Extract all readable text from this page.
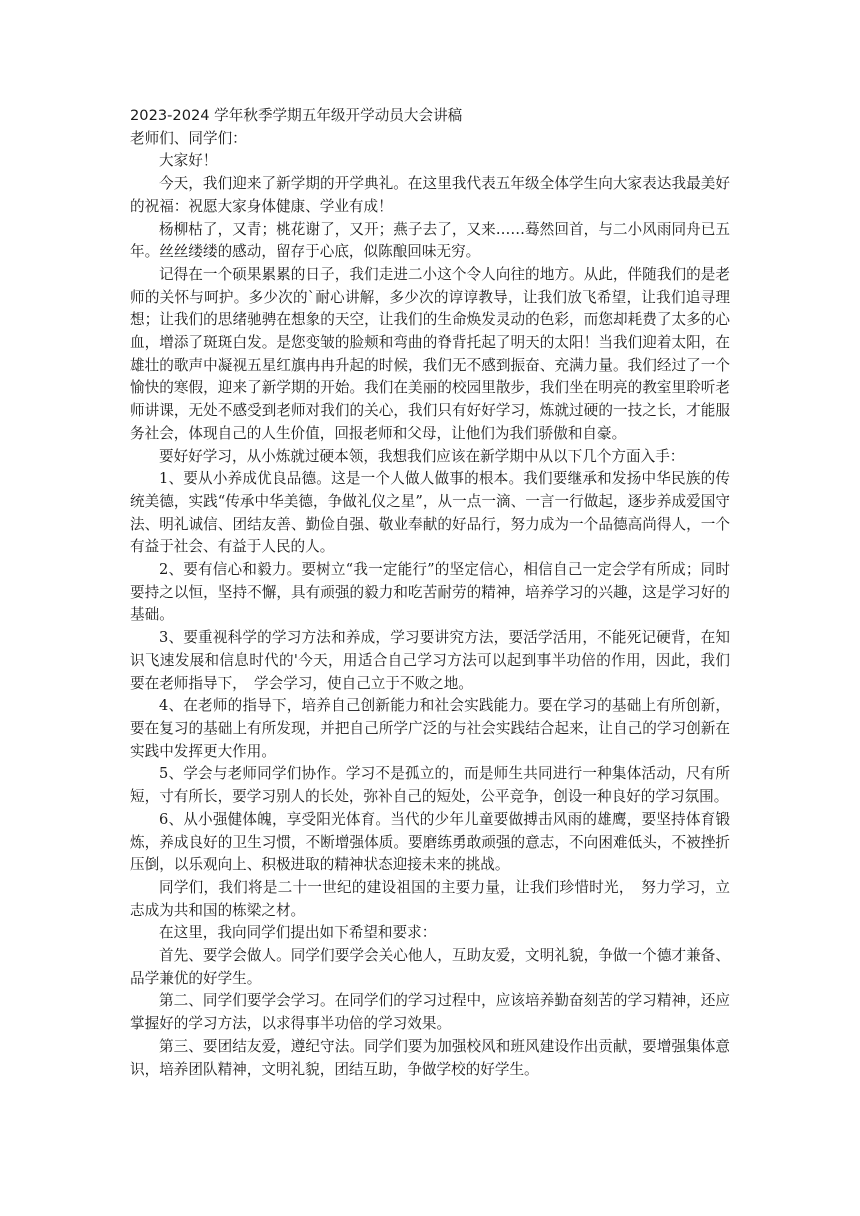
2023-2024 学年秋季学期五年级开学动员大会讲稿

老师们、同学们：

大家好！

今天，我们迎来了新学期的开学典礼。在这里我代表五年级全体学生向大家表达我最美好的祝福：祝愿大家身体健康、学业有成！

杨柳枯了，又青；桃花谢了，又开；燕子去了，又来……蓦然回首，与二小风雨同舟已五年。丝丝缕缕的感动，留存于心底，似陈酿回味无穷。

记得在一个硕果累累的日子，我们走进二小这个令人向往的地方。从此，伴随我们的是老师的关怀与呵护。多少次的`耐心讲解，多少次的谆谆教导，让我们放飞希望，让我们追寻理想；让我们的思绪驰骋在想象的天空，让我们的生命焕发灵动的色彩，而您却耗费了太多的心血，增添了斑斑白发。是您变皱的脸颊和弯曲的脊背托起了明天的太阳！当我们迎着太阳，在雄壮的歌声中凝视五星红旗冉冉升起的时候，我们无不感到振奋、充满力量。我们经过了一个愉快的寒假，迎来了新学期的开始。我们在美丽的校园里散步，我们坐在明亮的教室里聆听老师讲课，无处不感受到老师对我们的关心，我们只有好好学习，炼就过硬的一技之长，才能服务社会，体现自己的人生价值，回报老师和父母，让他们为我们骄傲和自豪。

要好好学习，从小炼就过硬本领，我想我们应该在新学期中从以下几个方面入手：

1、要从小养成优良品德。这是一个人做人做事的根本。我们要继承和发扬中华民族的传统美德，实践“传承中华美德，争做礼仪之星”，从一点一滴、一言一行做起，逐步养成爱国守法、明礼诚信、团结友善、勤俭自强、敬业奉献的好品行，努力成为一个品德高尚得人，一个有益于社会、有益于人民的人。

2、要有信心和毅力。要树立“我一定能行”的坚定信心，相信自己一定会学有所成；同时要持之以恒，坚持不懈，具有顽强的毅力和吃苦耐劳的精神，培养学习的兴趣，这是学习好的基础。

3、要重视科学的学习方法和养成，学习要讲究方法，要活学活用，不能死记硬背，在知识飞速发展和信息时代的'今天，用适合自己学习方法可以起到事半功倍的作用，因此，我们要在老师指导下，　学会学习，使自己立于不败之地。

4、在老师的指导下，培养自己创新能力和社会实践能力。要在学习的基础上有所创新，要在复习的基础上有所发现，并把自己所学广泛的与社会实践结合起来，让自己的学习创新在实践中发挥更大作用。

5、学会与老师同学们协作。学习不是孤立的，而是师生共同进行一种集体活动，尺有所短，寸有所长，要学习别人的长处，弥补自己的短处，公平竞争，创设一种良好的学习氛围。

6、从小强健体魄，享受阳光体育。当代的少年儿童要做搏击风雨的雄鹰，要坚持体育锻炼，养成良好的卫生习惯，不断增强体质。要磨练勇敢顽强的意志，不向困难低头，不被挫折压倒，以乐观向上、积极进取的精神状态迎接未来的挑战。

同学们，我们将是二十一世纪的建设祖国的主要力量，让我们珍惜时光，　努力学习，立志成为共和国的栋梁之材。

在这里，我向同学们提出如下希望和要求：

首先、要学会做人。同学们要学会关心他人，互助友爱，文明礼貌，争做一个德才兼备、品学兼优的好学生。

第二、同学们要学会学习。在同学们的学习过程中，应该培养勤奋刻苦的学习精神，还应掌握好的学习方法，以求得事半功倍的学习效果。

第三、要团结友爱，遵纪守法。同学们要为加强校风和班风建设作出贡献，要增强集体意识，培养团队精神，文明礼貌，团结互助，争做学校的好学生。
